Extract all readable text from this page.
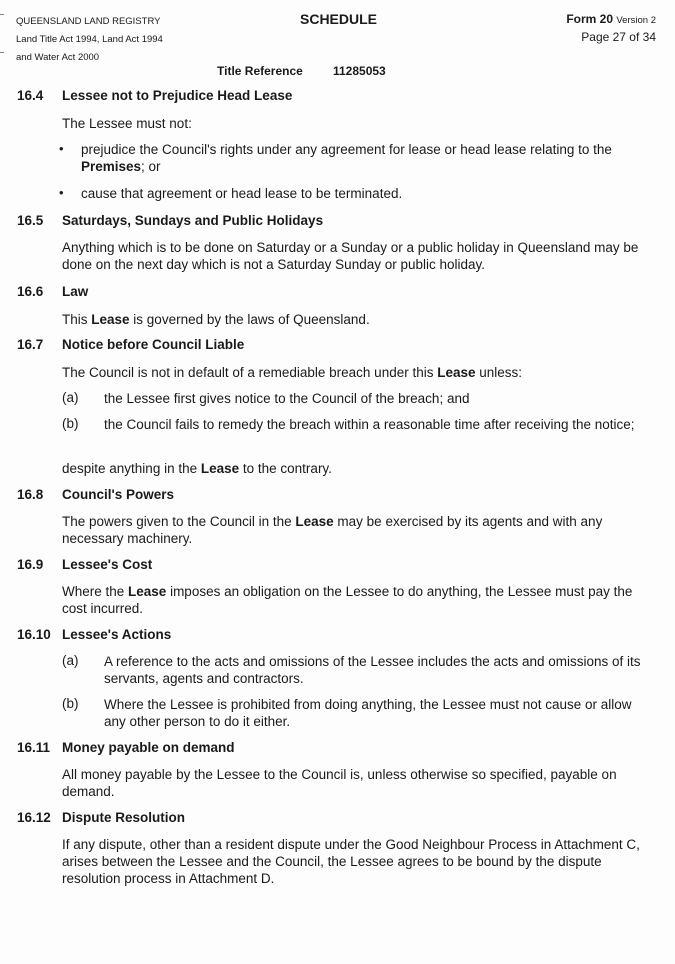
QUEENSLAND LAND REGISTRY
Land Title Act 1994, Land Act 1994
and Water Act 2000
SCHEDULE	Form 20 Version 2
Page 27 of 34
Title Reference	11285053
16.4 Lessee not to Prejudice Head Lease
The Lessee must not:
• prejudice the Council's rights under any agreement for lease or head lease relating to the Premises; or
• cause that agreement or head lease to be terminated.
16.5 Saturdays, Sundays and Public Holidays
Anything which is to be done on Saturday or a Sunday or a public holiday in Queensland may be done on the next day which is not a Saturday Sunday or public holiday.
16.6 Law
This Lease is governed by the laws of Queensland.
16.7 Notice before Council Liable
The Council is not in default of a remediable breach under this Lease unless:
(a) the Lessee first gives notice to the Council of the breach; and
(b) the Council fails to remedy the breach within a reasonable time after receiving the notice;
despite anything in the Lease to the contrary.
16.8 Council's Powers
The powers given to the Council in the Lease may be exercised by its agents and with any necessary machinery.
16.9 Lessee's Cost
Where the Lease imposes an obligation on the Lessee to do anything, the Lessee must pay the cost incurred.
16.10 Lessee's Actions
(a) A reference to the acts and omissions of the Lessee includes the acts and omissions of its servants, agents and contractors.
(b) Where the Lessee is prohibited from doing anything, the Lessee must not cause or allow any other person to do it either.
16.11 Money payable on demand
All money payable by the Lessee to the Council is, unless otherwise so specified, payable on demand.
16.12 Dispute Resolution
If any dispute, other than a resident dispute under the Good Neighbour Process in Attachment C, arises between the Lessee and the Council, the Lessee agrees to be bound by the dispute resolution process in Attachment D.
